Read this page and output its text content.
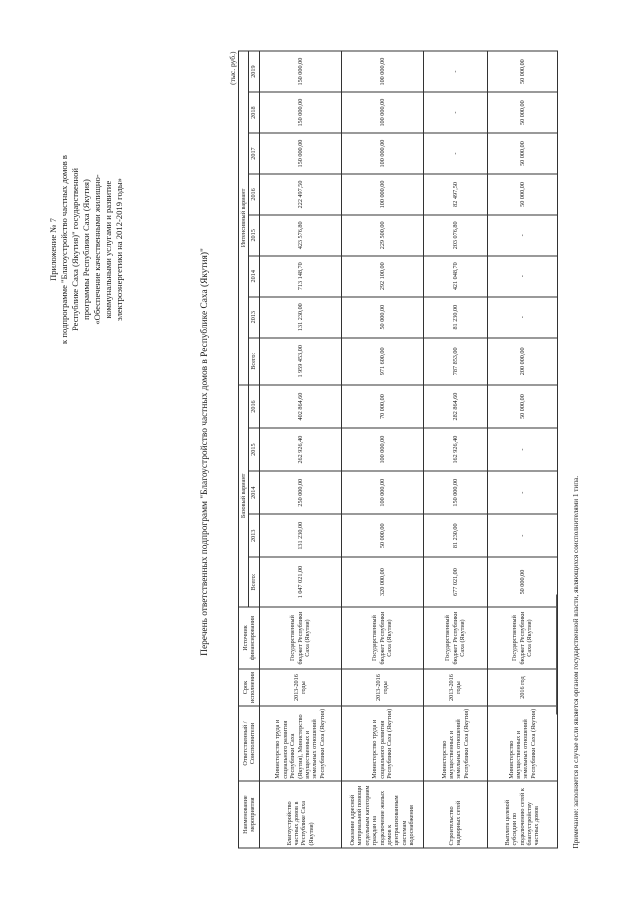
Приложение № 7 к подпрограмме "Благоустройство частных домов в Республике Саха (Якутия)" государственной программы Республики Саха (Якутия) «Обеспечение качественными жилищно- коммунальными услугами и развитие электроэнергетики на 2012-2019 годы»	Перечень ответственных подпрограмм "Благоустройство частных домов в Республике Саха (Якутия)"
(тыс. руб.)
Наименование мероприятия	Ответственный / Соисполнители	Срок исполнения	Источник финансирования	Базовый вариант					Интенсивный вариант							
				Всего:	2013	2014	2015	2016	Всего:	2013	2014	2015	2016	2017	2018	2019
Благоустройство частных домов в Республике Саха (Якутия)	Министерство труда и социального развития Республики Саха (Якутия), Министерство имущественных и земельных отношений Республики Саха (Якутия)	2013-2016 годы	Государственный бюджет Республики Саха (Якутия)	1 047 021,00	131 230,00	250 000,00	262 926,40	402 864,60	1 959 453,00	131 230,00	713 148,70	423 576,80	222 497,50	150 000,00	150 000,00	150 000,00
Оказание адресной материальной помощи отдельным категориям граждан на подключение жилых домов к централизованным системам водоснабжения	Министерство труда и социального развития Республики Саха (Якутия)	2013-2016 годы	Государственный бюджет Республики Саха (Якутия)	320 000,00	50 000,00	100 000,00	100 000,00	70 000,00	971 600,00	50 000,00	292 100,00	229 500,00	100 000,00	100 000,00	100 000,00	100 000,00
Строительство надворных сетей	Министерство имущественных и земельных отношений Республики Саха (Якутия)	2013-2016 годы	Государственный бюджет Республики Саха (Якутия)	677 021,00	81 230,00	150 000,00	162 926,40	282 864,60	787 853,00	81 230,00	421 048,70	203 076,80	82 497,50	-	-	-
Выплата целевой субсидии по подключению сетей к благоустройству частных домов	Министерство имущественных и земельных отношений Республики Саха (Якутия)	2016 год	Государственный бюджет Республики Саха (Якутия)	50 000,00	-	-	-	50 000,00	200 000,00	-	-	-	50 000,00	50 000,00	50 000,00	50 000,00
Примечание: заполняется в случае если является органом государственной власти, являющихся соисполнителями 1 типа.
